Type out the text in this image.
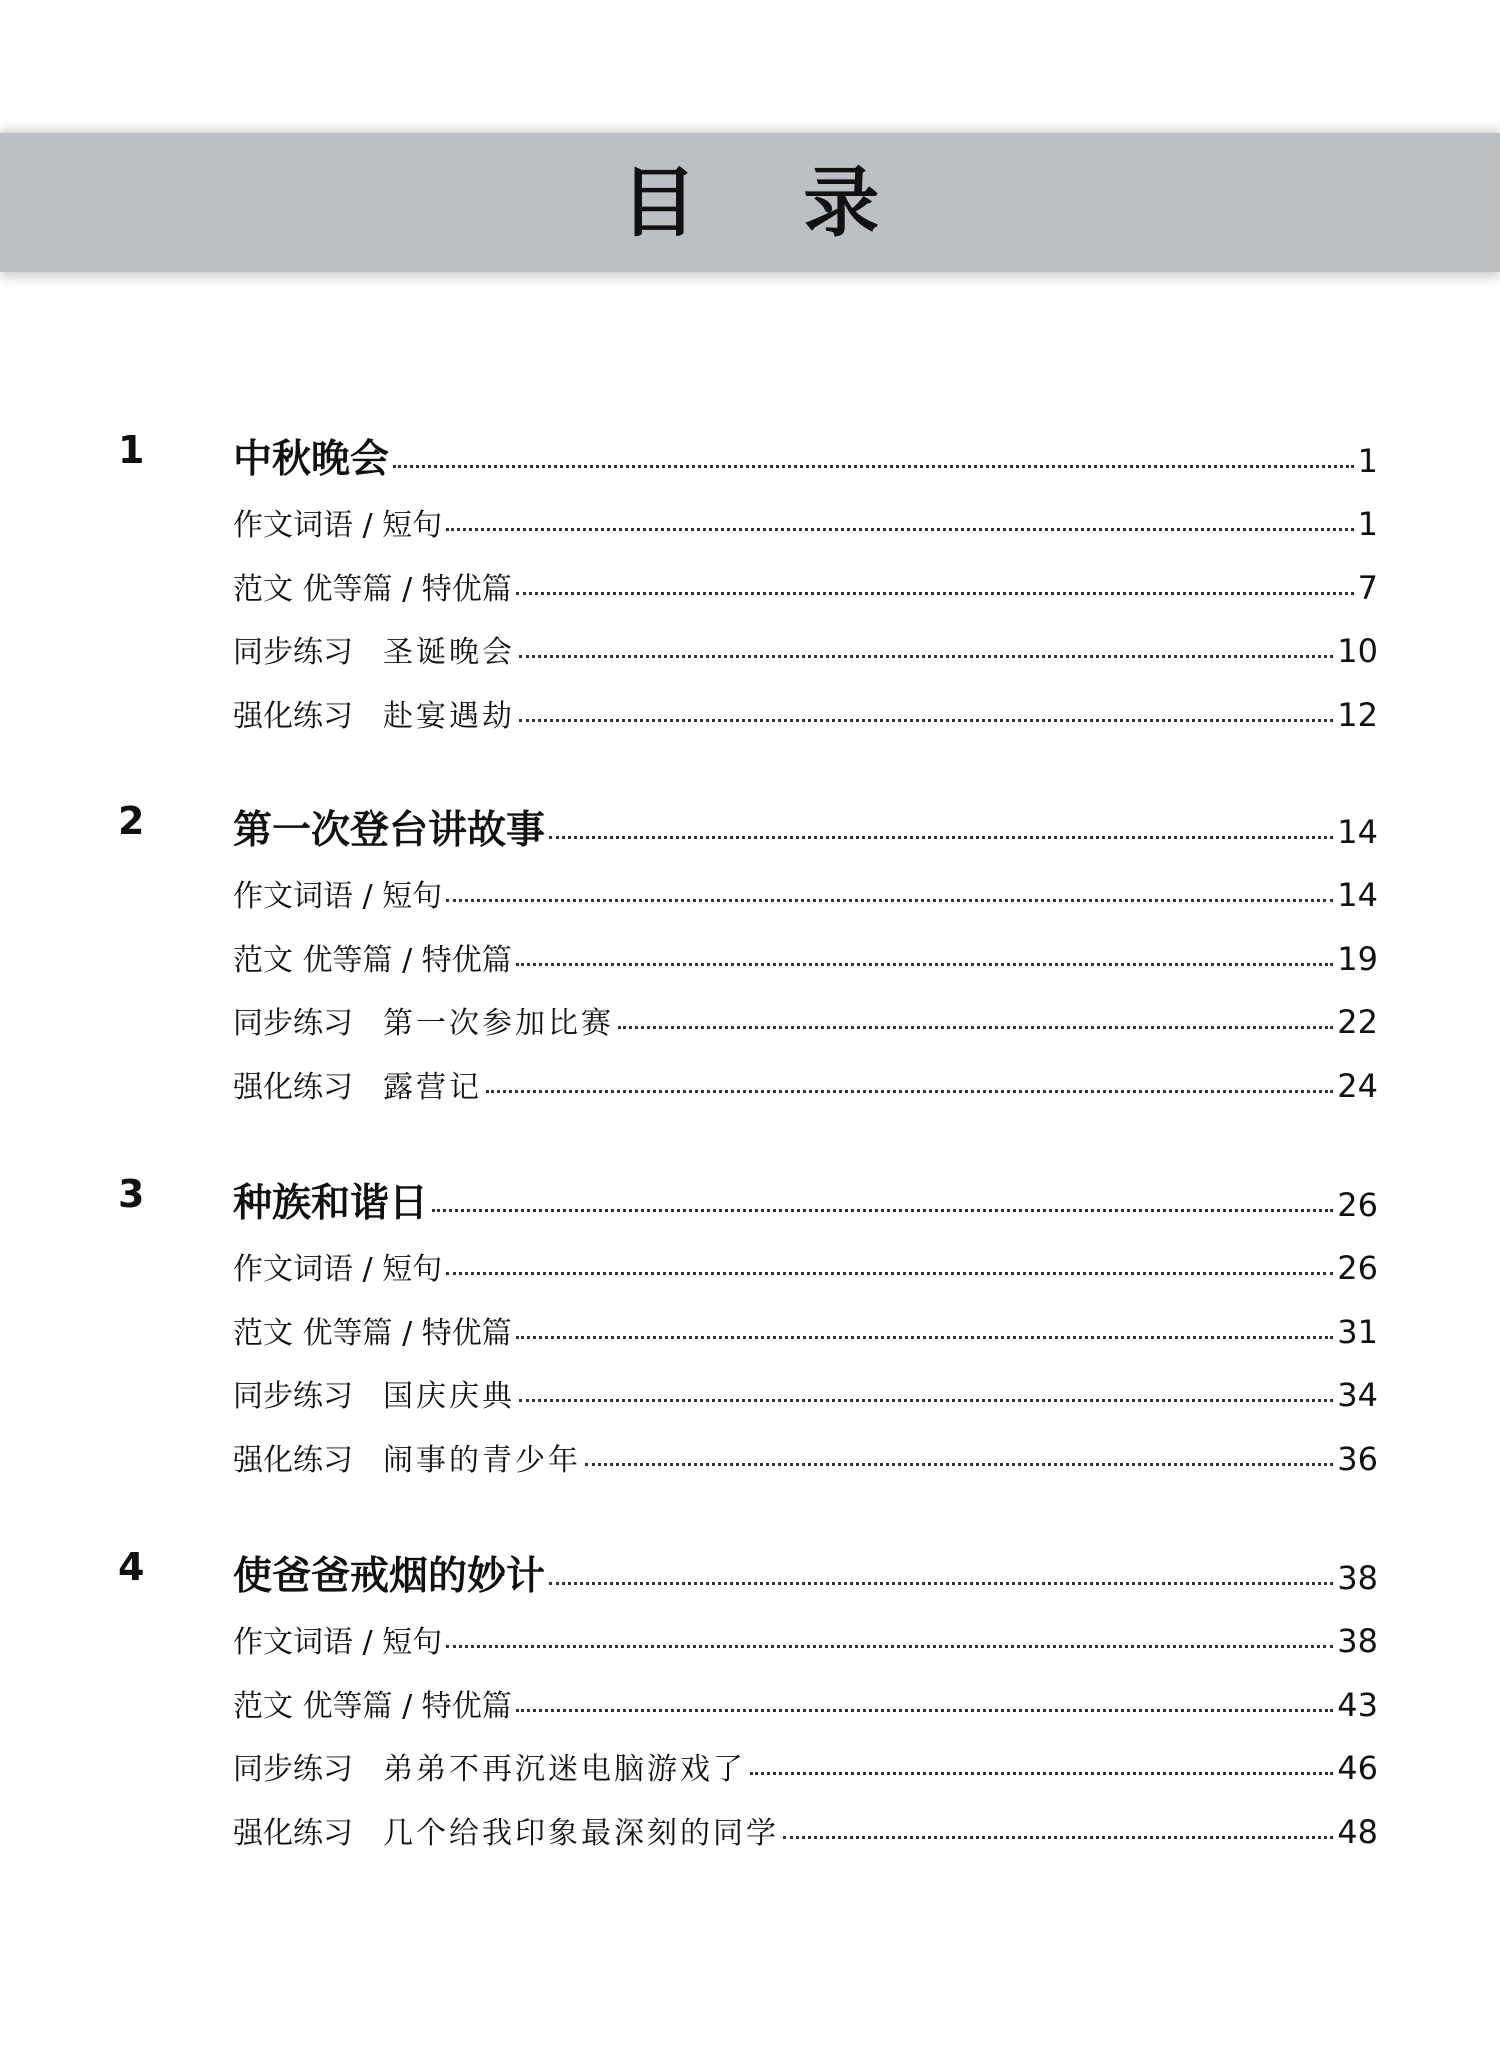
目 录
1 中秋晚会	1
作文词语 / 短句	1
范文 优等篇 / 特优篇	7
同步练习 圣诞晚会	10
强化练习 赴宴遇劫	12
2 第一次登台讲故事	14
作文词语 / 短句	14
范文 优等篇 / 特优篇	19
同步练习 第一次参加比赛	22
强化练习 露营记	24
3 种族和谐日	26
作文词语 / 短句	26
范文 优等篇 / 特优篇	31
同步练习 国庆庆典	34
强化练习 闹事的青少年	36
4 使爸爸戒烟的妙计	38
作文词语 / 短句	38
范文 优等篇 / 特优篇	43
同步练习 弟弟不再沉迷电脑游戏了	46
强化练习 几个给我印象最深刻的同学	48
